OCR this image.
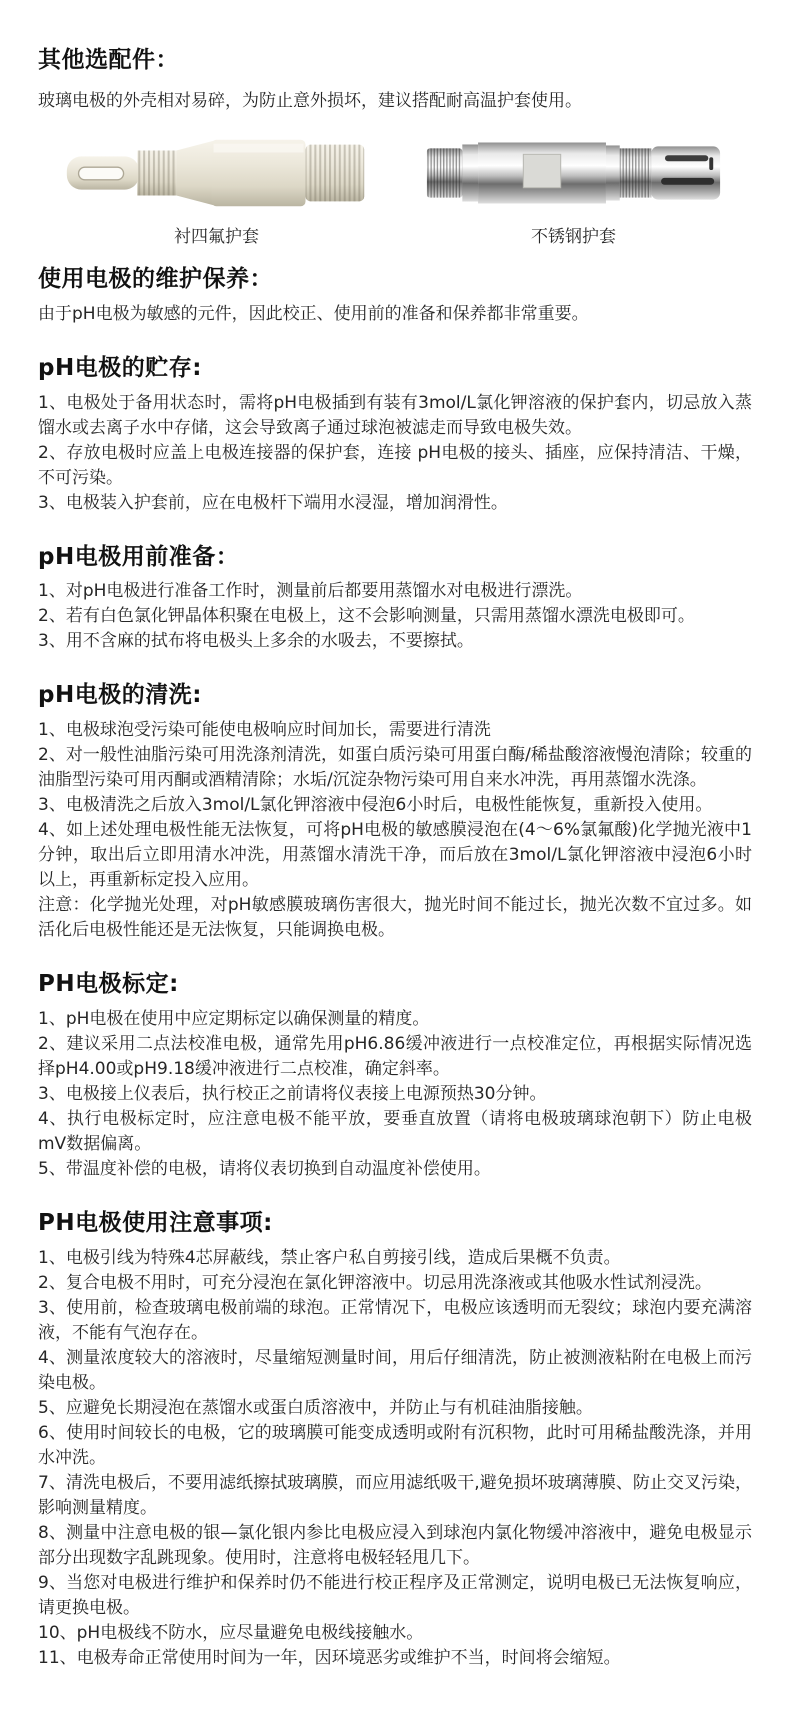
其他选配件：

玻璃电极的外壳相对易碎，为防止意外损坏，建议搭配耐高温护套使用。

衬四氟护套	不锈钢护套
使用电极的维护保养：

由于pH电极为敏感的元件，因此校正、使用前的准备和保养都非常重要。

pH电极的贮存:

1、电极处于备用状态时，需将pH电极插到有装有3mol/L氯化钾溶液的保护套内，切忌放入蒸馏水或去离子水中存储，这会导致离子通过球泡被滤走而导致电极失效。

2、存放电极时应盖上电极连接器的保护套，连接 pH电极的接头、插座，应保持清洁、干燥，不可污染。

3、电极装入护套前，应在电极杆下端用水浸湿，增加润滑性。

pH电极用前准备：

1、对pH电极进行准备工作时，测量前后都要用蒸馏水对电极进行漂洗。

2、若有白色氯化钾晶体积聚在电极上，这不会影响测量，只需用蒸馏水漂洗电极即可。

3、用不含麻的拭布将电极头上多余的水吸去，不要擦拭。

pH电极的清洗:

1、电极球泡受污染可能使电极响应时间加长，需要进行清洗

2、对一般性油脂污染可用洗涤剂清洗，如蛋白质污染可用蛋白酶/稀盐酸溶液慢泡清除；较重的油脂型污染可用丙酮或酒精清除；水垢/沉淀杂物污染可用自来水冲洗，再用蒸馏水洗涤。

3、电极清洗之后放入3mol/L氯化钾溶液中侵泡6小时后，电极性能恢复，重新投入使用。

4、如上述处理电极性能无法恢复，可将pH电极的敏感膜浸泡在(4～6%氯氟酸)化学抛光液中1分钟，取出后立即用清水冲洗，用蒸馏水清洗干净，而后放在3mol/L氯化钾溶液中浸泡6小时以上，再重新标定投入应用。

注意：化学抛光处理，对pH敏感膜玻璃伤害很大，抛光时间不能过长，抛光次数不宜过多。如活化后电极性能还是无法恢复，只能调换电极。

PH电极标定:

1、pH电极在使用中应定期标定以确保测量的精度。

2、建议采用二点法校准电极，通常先用pH6.86缓冲液进行一点校准定位，再根据实际情况选择pH4.00或pH9.18缓冲液进行二点校准，确定斜率。

3、电极接上仪表后，执行校正之前请将仪表接上电源预热30分钟。

4、执行电极标定时，应注意电极不能平放，要垂直放置（请将电极玻璃球泡朝下）防止电极mV数据偏离。

5、带温度补偿的电极，请将仪表切换到自动温度补偿使用。

PH电极使用注意事项:

1、电极引线为特殊4芯屏蔽线，禁止客户私自剪接引线，造成后果概不负责。

2、复合电极不用时，可充分浸泡在氯化钾溶液中。切忌用洗涤液或其他吸水性试剂浸洗。

3、使用前，检查玻璃电极前端的球泡。正常情况下，电极应该透明而无裂纹；球泡内要充满溶液，不能有气泡存在。

4、测量浓度较大的溶液时，尽量缩短测量时间，用后仔细清洗，防止被测液粘附在电极上而污染电极。

5、应避免长期浸泡在蒸馏水或蛋白质溶液中，并防止与有机硅油脂接触。

6、使用时间较长的电极，它的玻璃膜可能变成透明或附有沉积物，此时可用稀盐酸洗涤，并用水冲洗。

7、清洗电极后，不要用滤纸擦拭玻璃膜，而应用滤纸吸干,避免损坏玻璃薄膜、防止交叉污染，影响测量精度。

8、测量中注意电极的银—氯化银内参比电极应浸入到球泡内氯化物缓冲溶液中，避免电极显示部分出现数字乱跳现象。使用时，注意将电极轻轻甩几下。

9、当您对电极进行维护和保养时仍不能进行校正程序及正常测定，说明电极已无法恢复响应，请更换电极。

10、pH电极线不防水，应尽量避免电极线接触水。

11、电极寿命正常使用时间为一年，因环境恶劣或维护不当，时间将会缩短。
